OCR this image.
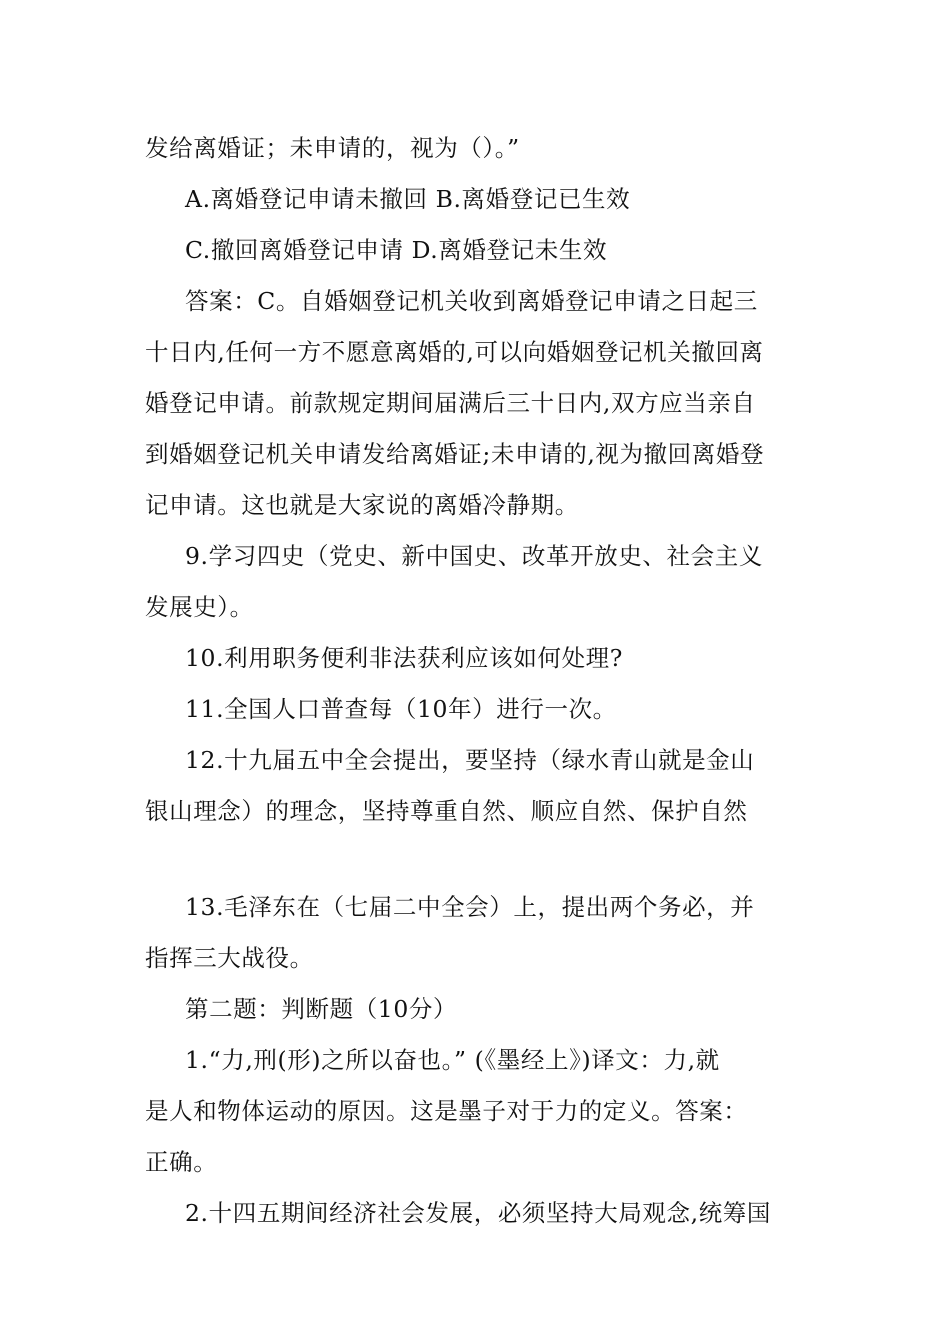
发给离婚证；未申请的，视为（）。”
A.离婚登记申请未撤回 B.离婚登记已生效
C.撤回离婚登记申请 D.离婚登记未生效
答案：C。自婚姻登记机关收到离婚登记申请之日起三
十日内,任何一方不愿意离婚的,可以向婚姻登记机关撤回离
婚登记申请。前款规定期间届满后三十日内,双方应当亲自
到婚姻登记机关申请发给离婚证;未申请的,视为撤回离婚登
记申请。这也就是大家说的离婚冷静期。
9.学习四史（党史、新中国史、改革开放史、社会主义
发展史）。
10.利用职务便利非法获利应该如何处理?
11.全国人口普查每（10年）进行一次。
12.十九届五中全会提出，要坚持（绿水青山就是金山
银山理念）的理念，坚持尊重自然、顺应自然、保护自然
13.毛泽东在（七届二中全会）上，提出两个务必，并
指挥三大战役。
第二题：判断题（10分）
1.“力,刑(形)之所以奋也。” (《墨经上》)译文：力,就
是人和物体运动的原因。这是墨子对于力的定义。答案：
正确。
2.十四五期间经济社会发展，必须坚持大局观念,统筹国
